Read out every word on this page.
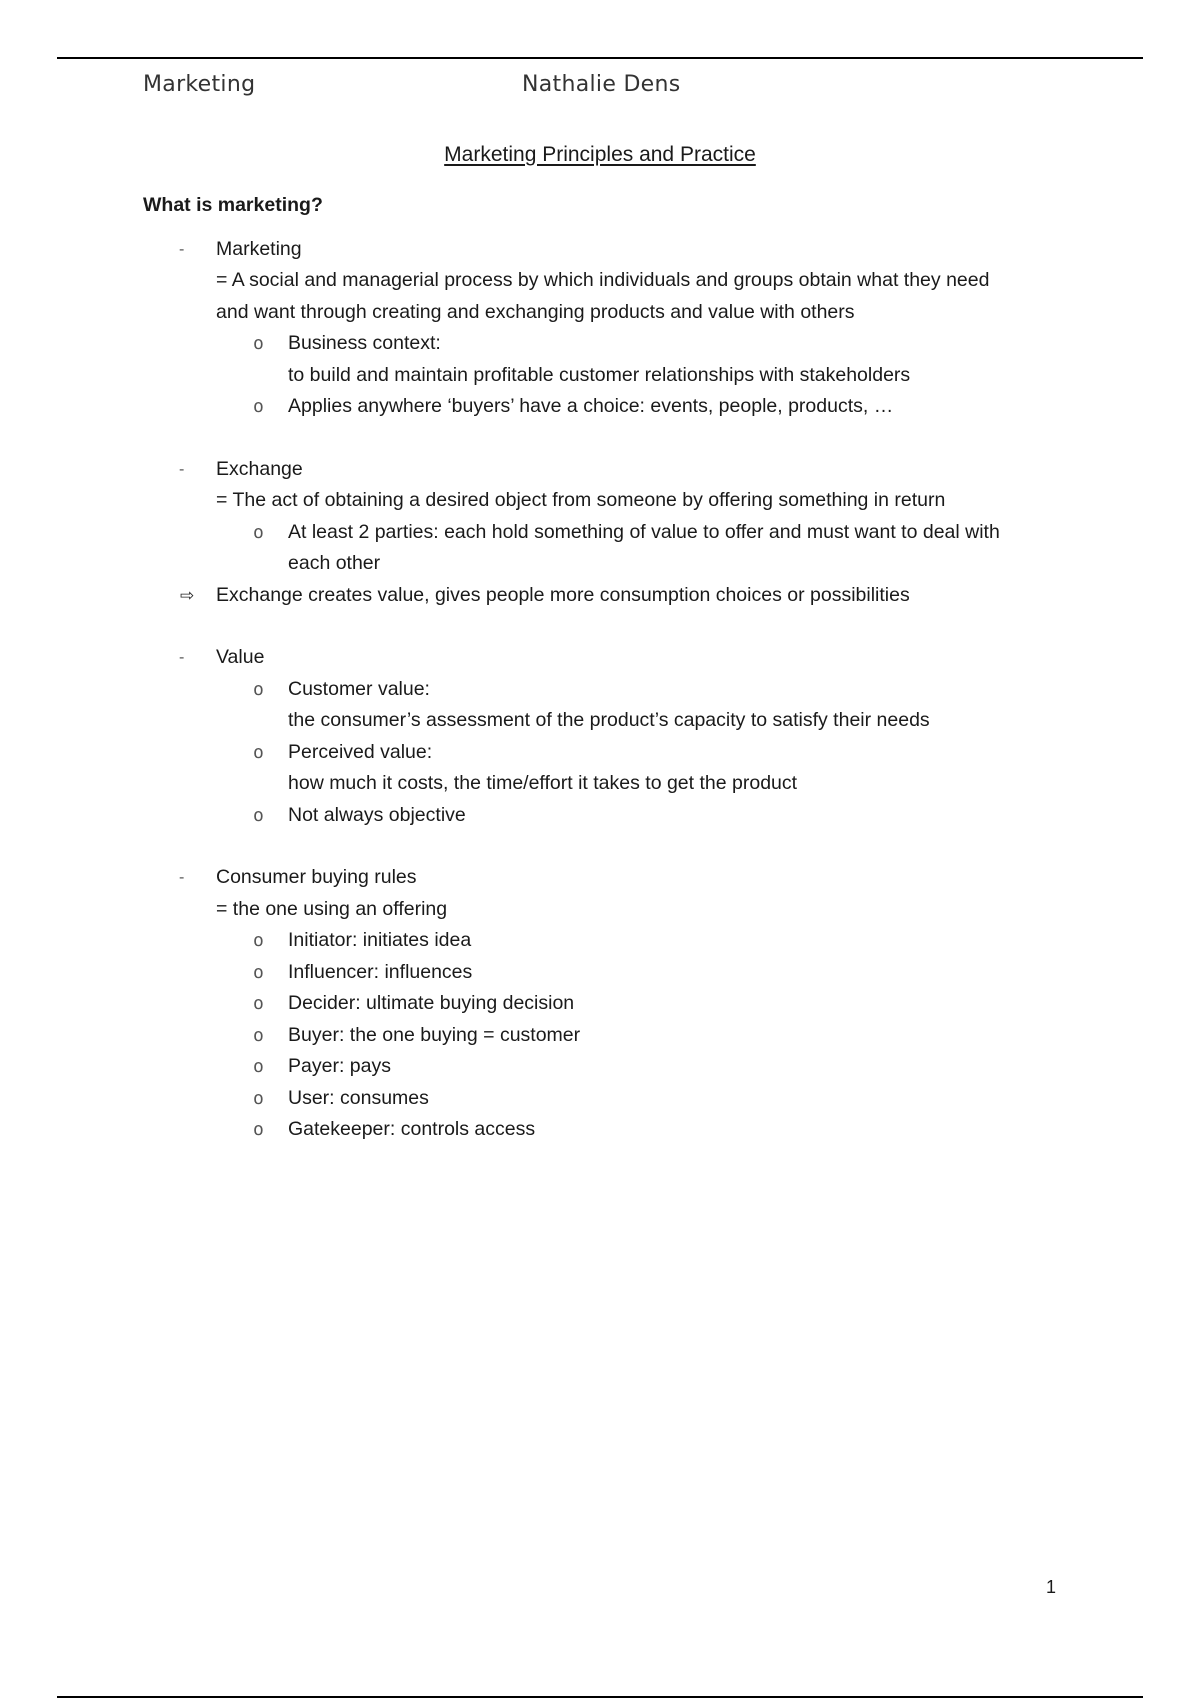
Marketing	Nathalie Dens
Marketing Principles and Practice
What is marketing?
-	Marketing
= A social and managerial process by which individuals and groups obtain what they need
and want through creating and exchanging products and value with others
o	Business context:
to build and maintain profitable customer relationships with stakeholders
o	Applies anywhere ‘buyers’ have a choice: events, people, products, …
-	Exchange
= The act of obtaining a desired object from someone by offering something in return
o	At least 2 parties: each hold something of value to offer and must want to deal with
each other
⇨ Exchange creates value, gives people more consumption choices or possibilities
-	Value
o	Customer value:
the consumer’s assessment of the product’s capacity to satisfy their needs
o	Perceived value:
how much it costs, the time/effort it takes to get the product
o	Not always objective
-	Consumer buying rules
= the one using an offering
o	Initiator: initiates idea
o	Influencer: influences
o	Decider: ultimate buying decision
o	Buyer: the one buying = customer
o	Payer: pays
o	User: consumes
o	Gatekeeper: controls access
1
